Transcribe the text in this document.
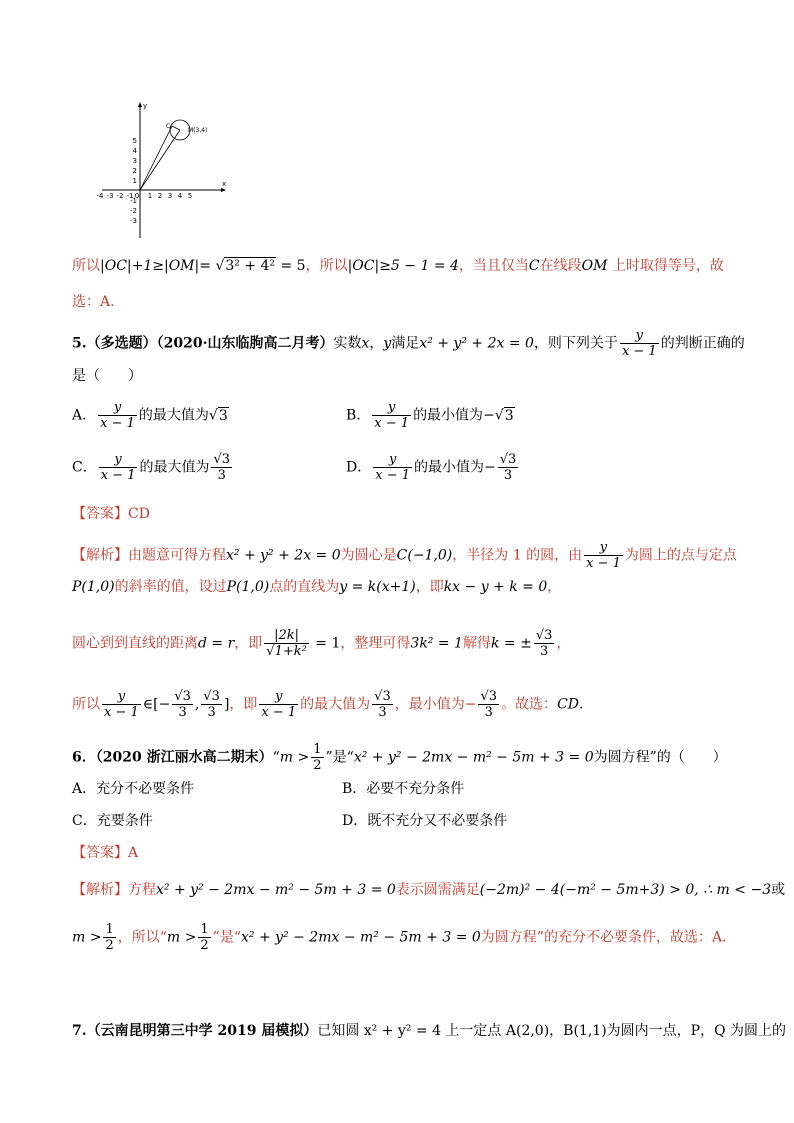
x
y
-4 -3 -2 -1 0 1 2 3 4 5
5
4
3
2
1
-1
-2
-3
C
M(3,4)
所以|OC|+1≥|OM|= √3² + 4² = 5，所以|OC|≥5 − 1 = 4，当且仅当C在线段OM 上时取得等号，故
选：A.
5.（多选题）（2020·山东临朐高二月考）实数x，y满足x² + y² + 2x = 0，则下列关于 $\frac{y}{x - 1}$ 的判断正确的
是（　　）
A． $\frac{y}{x - 1}$ 的最大值为√3	B． $\frac{y}{x - 1}$ 的最小值为−√3
C． $\frac{y}{x - 1}$ 的最大值为 $\frac{√3}{3}$	D． $\frac{y}{x - 1}$ 的最小值为− $\frac{√3}{3}$
【答案】CD
【解析】由题意可得方程x² + y² + 2x = 0为圆心是C(−1,0)，半径为 1 的圆，由 $\frac{y}{x - 1}$ 为圆上的点与定点
P(1,0)的斜率的值，设过P(1,0)点的直线为y = k(x+1)，即kx − y + k = 0，
圆心到到直线的距离d = r，即 $\frac{|2k|}{\text{√1+k²}} = 1$，整理可得3k² = 1解得k = ± $\frac{√3}{3}$ ，
所以 $\frac{y}{x - 1}$ ∈[− $\frac{√3}{3}$ , $\frac{√3}{3}$ ]，即 $\frac{y}{x - 1}$ 的最大值为 $\frac{√3}{3}$ ，最小值为− $\frac{√3}{3}$ 。故选：CD.
6．（2020 浙江丽水高二期末）“m > $\frac{1}{2}$ ”是“x² + y² − 2mx − m² − 5m + 3 = 0为圆方程”的（　　）
A．充分不必要条件	B．必要不充分条件
C．充要条件	D．既不充分又不必要条件
【答案】A
【解析】方程x² + y² − 2mx − m² − 5m + 3 = 0表示圆需满足(−2m)² − 4(−m² − 5m+3) > 0, ∴ m < −3或
$m > \frac{1}{2}$ ，所以“$m > \frac{1}{2}$ ”是“x² + y² − 2mx − m² − 5m + 3 = 0为圆方程”的充分不必要条件，故选：A.
7.（云南昆明第三中学 2019 届模拟）已知圆 x² + y² = 4 上一定点 A(2,0)，B(1,1)为圆内一点，P，Q 为圆上的
